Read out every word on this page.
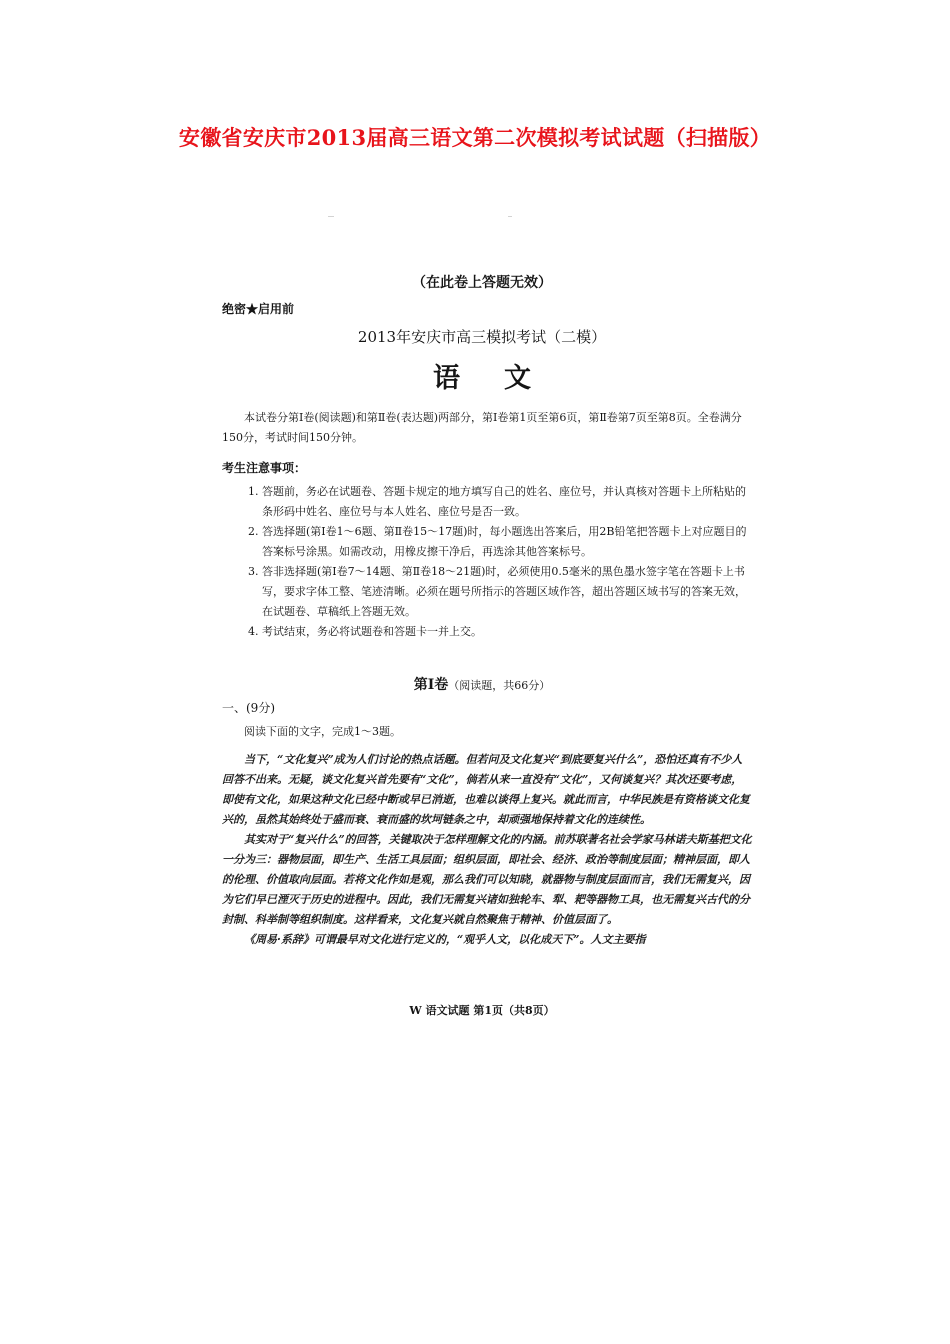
安徽省安庆市2013届高三语文第二次模拟考试试题（扫描版）
（在此卷上答题无效）
绝密★启用前
2013年安庆市高三模拟考试（二模）
语文
本试卷分第Ⅰ卷(阅读题)和第Ⅱ卷(表达题)两部分，第Ⅰ卷第1页至第6页，第Ⅱ卷第7页至第8页。全卷满分150分，考试时间150分钟。
考生注意事项：

1. 答题前，务必在试题卷、答题卡规定的地方填写自己的姓名、座位号，并认真核对答题卡上所粘贴的条形码中姓名、座位号与本人姓名、座位号是否一致。

2. 答选择题(第Ⅰ卷1～6题、第Ⅱ卷15～17题)时，每小题选出答案后，用2B铅笔把答题卡上对应题目的答案标号涂黑。如需改动，用橡皮擦干净后，再选涂其他答案标号。

3. 答非选择题(第Ⅰ卷7～14题、第Ⅱ卷18～21题)时，必须使用0.5毫米的黑色墨水签字笔在答题卡上书写，要求字体工整、笔迹清晰。必须在题号所指示的答题区域作答，超出答题区域书写的答案无效，在试题卷、草稿纸上答题无效。

4. 考试结束，务必将试题卷和答题卡一并上交。

第Ⅰ卷（阅读题，共66分）
一、(9分)
阅读下面的文字，完成1～3题。

当下，“文化复兴”成为人们讨论的热点话题。但若问及文化复兴“到底要复兴什么”，恐怕还真有不少人回答不出来。无疑，谈文化复兴首先要有“文化”，倘若从来一直没有“文化”，又何谈复兴？其次还要考虑，即使有文化，如果这种文化已经中断或早已消逝，也难以谈得上复兴。就此而言，中华民族是有资格谈文化复兴的，虽然其始终处于盛而衰、衰而盛的坎坷链条之中，却顽强地保持着文化的连续性。

其实对于“复兴什么”的回答，关键取决于怎样理解文化的内涵。前苏联著名社会学家马林诺夫斯基把文化一分为三：器物层面，即生产、生活工具层面；组织层面，即社会、经济、政治等制度层面；精神层面，即人的伦理、价值取向层面。若将文化作如是观，那么我们可以知晓，就器物与制度层面而言，我们无需复兴，因为它们早已湮灭于历史的进程中。因此，我们无需复兴诸如独轮车、犁、耙等器物工具，也无需复兴古代的分封制、科举制等组织制度。这样看来，文化复兴就自然聚焦于精神、价值层面了。

《周易·系辞》可谓最早对文化进行定义的，“观乎人文，以化成天下”。人文主要指

W 语文试题 第1页（共8页）
